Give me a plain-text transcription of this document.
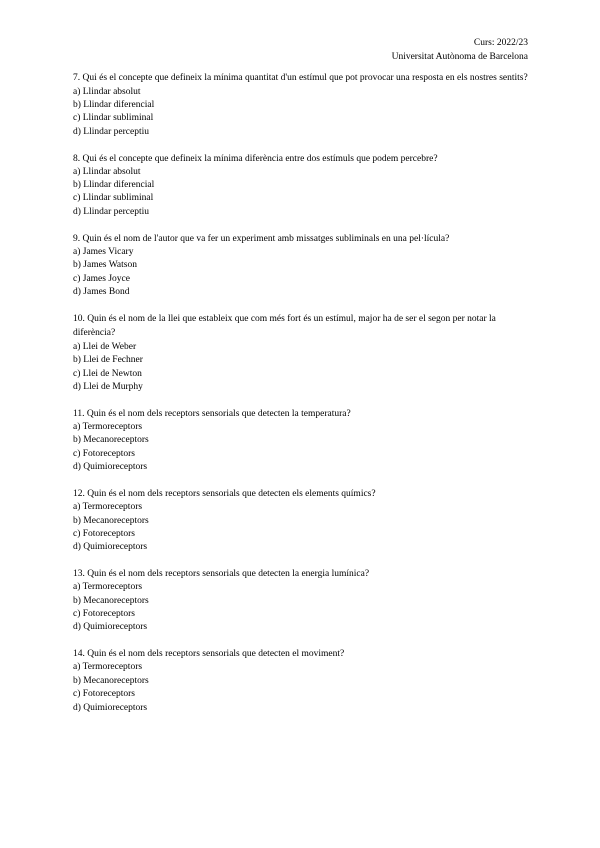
Curs: 2022/23
Universitat Autònoma de Barcelona
7. Qui és el concepte que defineix la mínima quantitat d'un estímul que pot provocar una resposta en els nostres sentits?
a) Llindar absolut
b) Llindar diferencial
c) Llindar subliminal
d) Llindar perceptiu
8. Qui és el concepte que defineix la mínima diferència entre dos estímuls que podem percebre?
a) Llindar absolut
b) Llindar diferencial
c) Llindar subliminal
d) Llindar perceptiu
9. Quin és el nom de l'autor que va fer un experiment amb missatges subliminals en una pel·lícula?
a) James Vicary
b) James Watson
c) James Joyce
d) James Bond
10. Quin és el nom de la llei que estableix que com més fort és un estímul, major ha de ser el segon per notar la diferència?
a) Llei de Weber
b) Llei de Fechner
c) Llei de Newton
d) Llei de Murphy
11. Quin és el nom dels receptors sensorials que detecten la temperatura?
a) Termoreceptors
b) Mecanoreceptors
c) Fotoreceptors
d) Quimioreceptors
12. Quin és el nom dels receptors sensorials que detecten els elements químics?
a) Termoreceptors
b) Mecanoreceptors
c) Fotoreceptors
d) Quimioreceptors
13. Quin és el nom dels receptors sensorials que detecten la energia lumínica?
a) Termoreceptors
b) Mecanoreceptors
c) Fotoreceptors
d) Quimioreceptors
14. Quin és el nom dels receptors sensorials que detecten el moviment?
a) Termoreceptors
b) Mecanoreceptors
c) Fotoreceptors
d) Quimioreceptors
